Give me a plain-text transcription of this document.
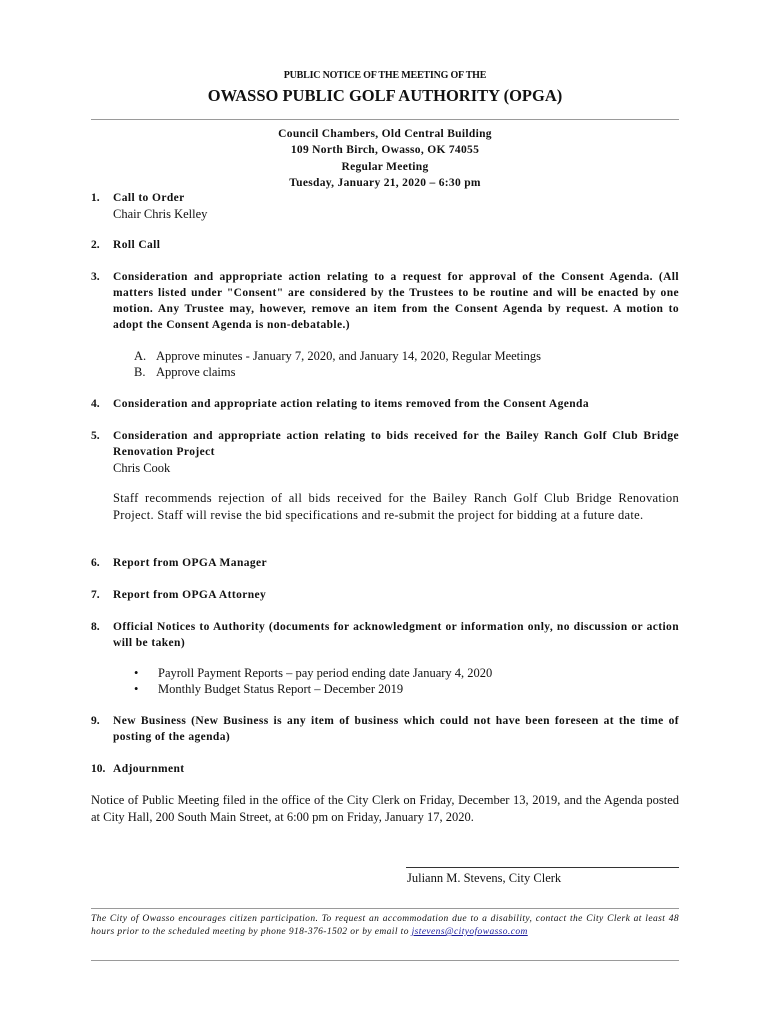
PUBLIC NOTICE OF THE MEETING OF THE
OWASSO PUBLIC GOLF AUTHORITY (OPGA)
Council Chambers, Old Central Building
109 North Birch, Owasso, OK 74055
Regular Meeting
Tuesday, January 21, 2020 – 6:30 pm
1. Call to Order
Chair Chris Kelley
2. Roll Call
3. Consideration and appropriate action relating to a request for approval of the Consent Agenda. (All matters listed under "Consent" are considered by the Trustees to be routine and will be enacted by one motion. Any Trustee may, however, remove an item from the Consent Agenda by request. A motion to adopt the Consent Agenda is non-debatable.)
A. Approve minutes - January 7, 2020, and January 14, 2020, Regular Meetings
B. Approve claims
4. Consideration and appropriate action relating to items removed from the Consent Agenda
5. Consideration and appropriate action relating to bids received for the Bailey Ranch Golf Club Bridge Renovation Project
Chris Cook
Staff recommends rejection of all bids received for the Bailey Ranch Golf Club Bridge Renovation Project. Staff will revise the bid specifications and re-submit the project for bidding at a future date.
6. Report from OPGA Manager
7. Report from OPGA Attorney
8. Official Notices to Authority (documents for acknowledgment or information only, no discussion or action will be taken)
• Payroll Payment Reports – pay period ending date January 4, 2020
• Monthly Budget Status Report – December 2019
9. New Business (New Business is any item of business which could not have been foreseen at the time of posting of the agenda)
10. Adjournment
Notice of Public Meeting filed in the office of the City Clerk on Friday, December 13, 2019, and the Agenda posted at City Hall, 200 South Main Street, at 6:00 pm on Friday, January 17, 2020.
Juliann M. Stevens, City Clerk
The City of Owasso encourages citizen participation. To request an accommodation due to a disability, contact the City Clerk at least 48 hours prior to the scheduled meeting by phone 918-376-1502 or by email to jstevens@cityofowasso.com
